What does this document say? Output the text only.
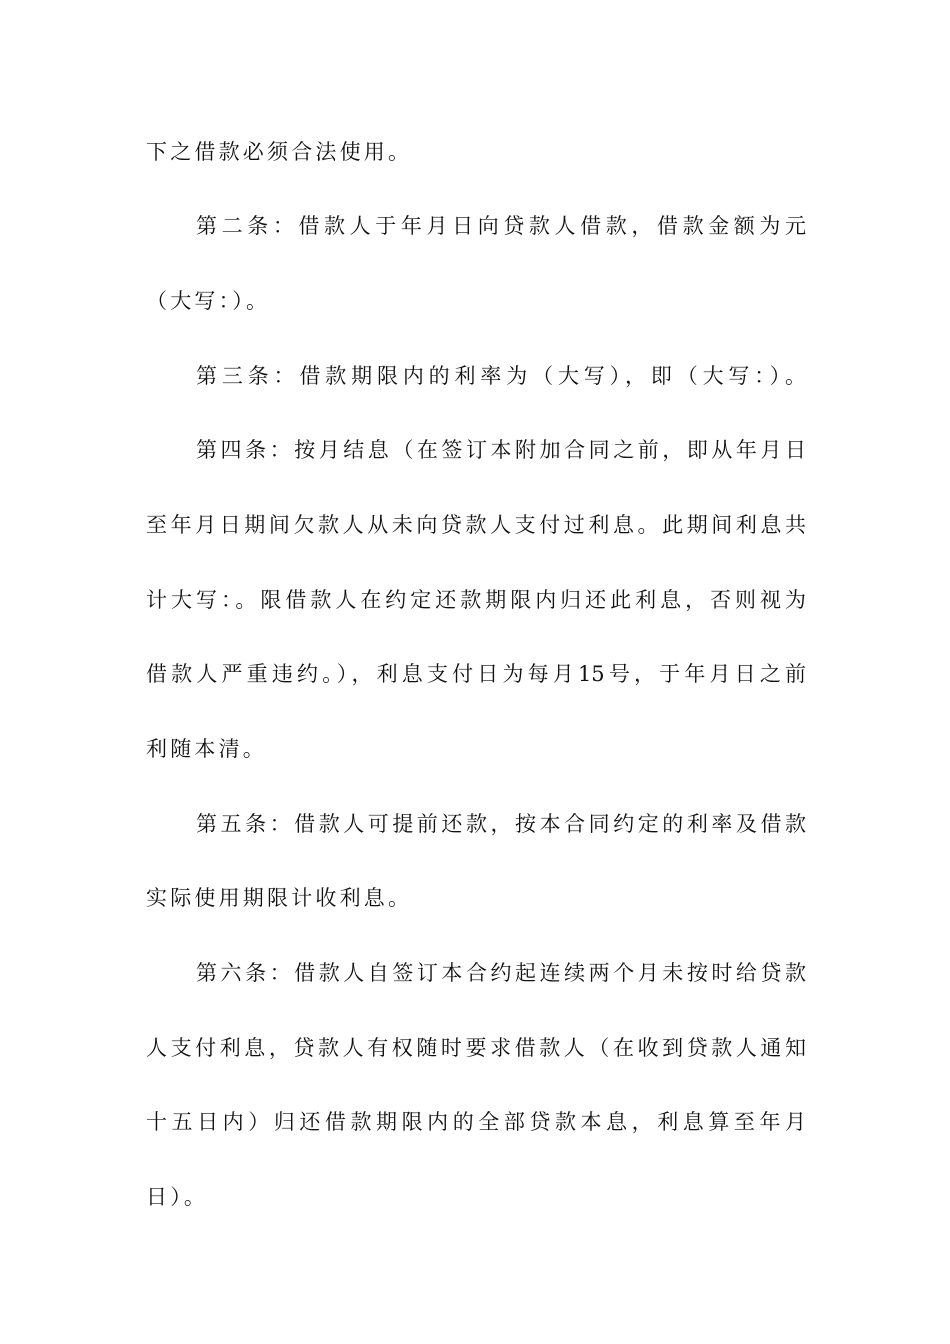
下之借款必须合法使用。
第二条：借款人于年月日向贷款人借款，借款金额为元
（大写：）。
第三条：借款期限内的利率为（大写），即（大写：）。
第四条：按月结息（在签订本附加合同之前，即从年月日
至年月日期间欠款人从未向贷款人支付过利息。此期间利息共
计大写：。限借款人在约定还款期限内归还此利息，否则视为
借款人严重违约。），利息支付日为每月15号，于年月日之前
利随本清。
第五条：借款人可提前还款，按本合同约定的利率及借款
实际使用期限计收利息。
第六条：借款人自签订本合约起连续两个月未按时给贷款
人支付利息，贷款人有权随时要求借款人（在收到贷款人通知
十五日内）归还借款期限内的全部贷款本息，利息算至年月
日）。
